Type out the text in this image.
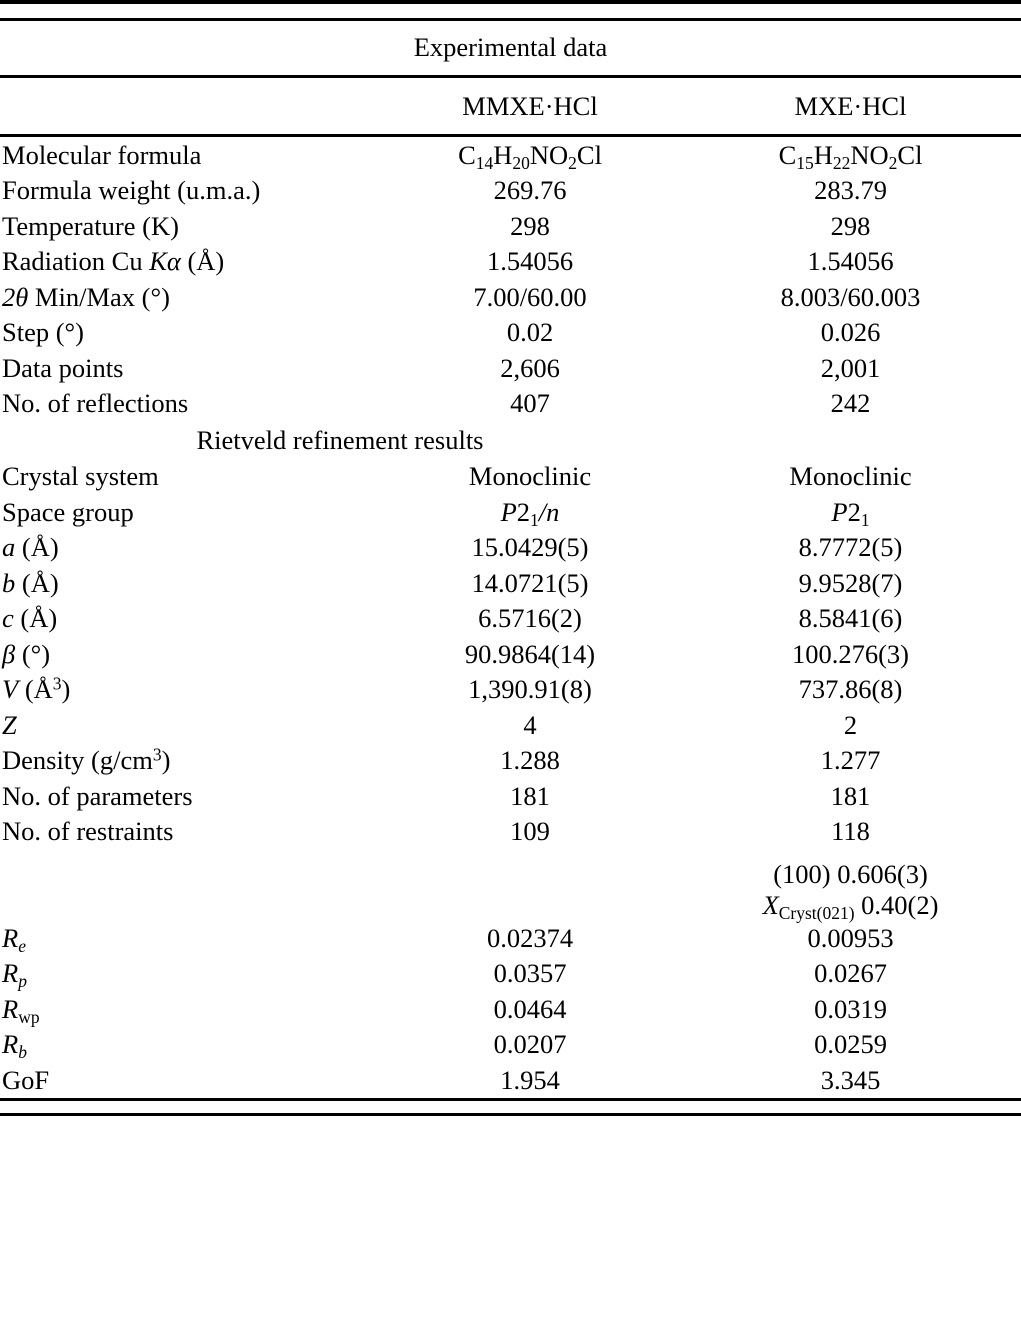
Experimental data		

	MMXE·HCl	MXE·HCl

Molecular formula	$C_{14}H_{20}NO_2Cl$	$C_{15}H_{22}NO_2Cl$
Formula weight (u.m.a.)	269.76	283.79
Temperature (K)	298	298
Radiation Cu Kα (Å)	1.54056	1.54056
2θ Min/Max (°)	7.00/60.00	8.003/60.003
Step (°)	0.02	0.026
Data points	2,606	2,001
No. of reflections	407	242

Rietveld refinement results		

Crystal system	Monoclinic	Monoclinic
Space group	$P2_1/n$	$P2_1$
a (Å)	15.0429(5)	8.7772(5)
b (Å)	14.0721(5)	9.9528(7)
c (Å)	6.5716(2)	8.5841(6)
β (°)	90.9864(14)	100.276(3)
V $(Å^3)$	1,390.91(8)	737.86(8)
Z	4	2
Density $(g/cm^3)$	1.288	1.277
No. of parameters	181	181
No. of restraints	109	118
		(100) 0.606(3)
		$X_{Cryst(021)}$ 0.40(2)
$R_e$	0.02374	0.00953
$R_p$	0.0357	0.0267
$R_{wp}$	0.0464	0.0319
$R_b$	0.0207	0.0259
GoF	1.954	3.345
